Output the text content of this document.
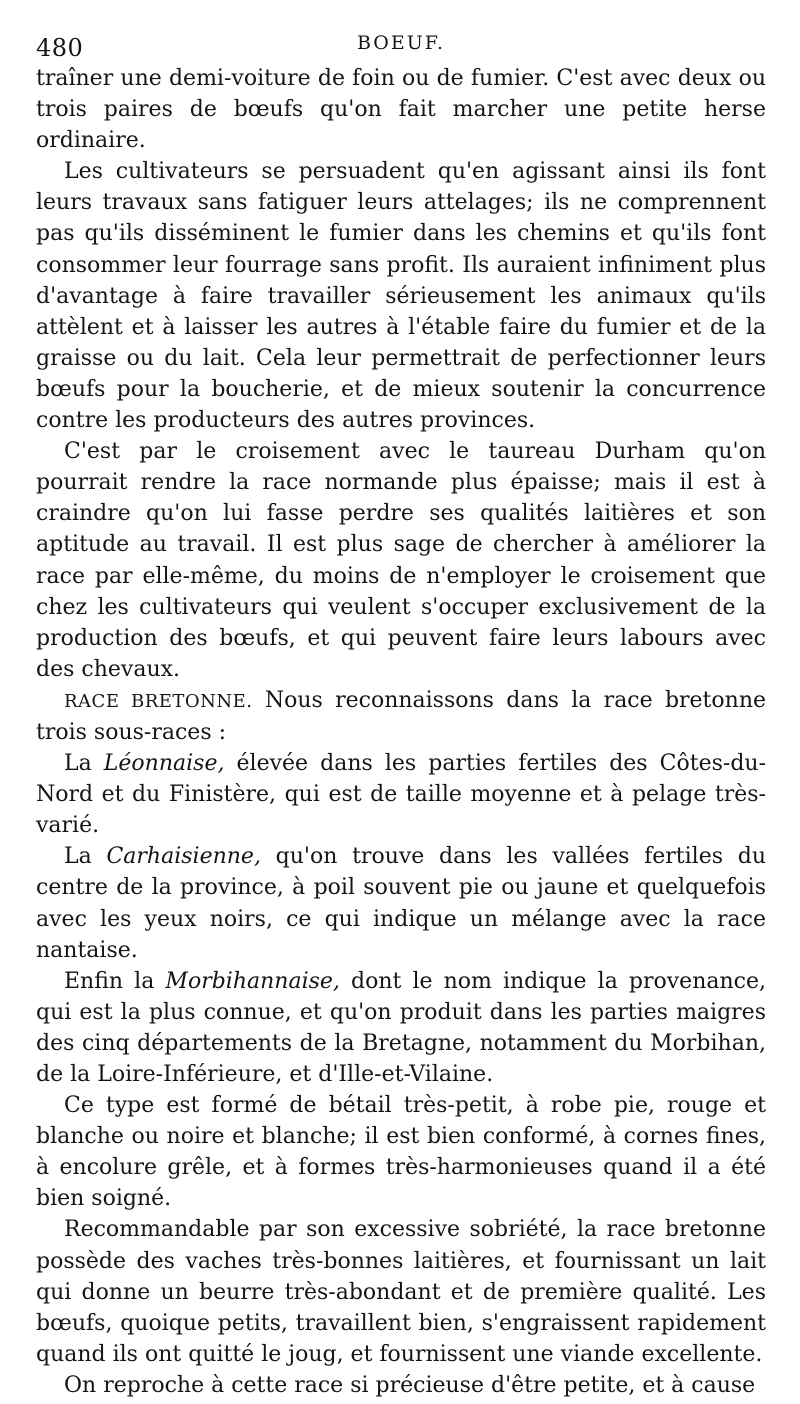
480	BOEUF.

traîner une demi-voiture de foin ou de fumier. C'est avec deux ou trois paires de bœufs qu'on fait marcher une petite herse ordinaire.

Les cultivateurs se persuadent qu'en agissant ainsi ils font leurs travaux sans fatiguer leurs attelages; ils ne comprennent pas qu'ils disséminent le fumier dans les chemins et qu'ils font consommer leur fourrage sans profit. Ils auraient infiniment plus d'avantage à faire travailler sérieusement les animaux qu'ils attèlent et à laisser les autres à l'étable faire du fumier et de la graisse ou du lait. Cela leur permettrait de perfectionner leurs bœufs pour la boucherie, et de mieux soutenir la concurrence contre les producteurs des autres provinces.

C'est par le croisement avec le taureau Durham qu'on pourrait rendre la race normande plus épaisse; mais il est à craindre qu'on lui fasse perdre ses qualités laitières et son aptitude au travail. Il est plus sage de chercher à améliorer la race par elle-même, du moins de n'employer le croisement que chez les cultivateurs qui veulent s'occuper exclusivement de la production des bœufs, et qui peuvent faire leurs labours avec des chevaux.

RACE BRETONNE. Nous reconnaissons dans la race bretonne trois sous-races :

La Léonnaise, élevée dans les parties fertiles des Côtes-du-Nord et du Finistère, qui est de taille moyenne et à pelage très-varié.

La Carhaisienne, qu'on trouve dans les vallées fertiles du centre de la province, à poil souvent pie ou jaune et quelquefois avec les yeux noirs, ce qui indique un mélange avec la race nantaise.

Enfin la Morbihannaise, dont le nom indique la provenance, qui est la plus connue, et qu'on produit dans les parties maigres des cinq départements de la Bretagne, notamment du Morbihan, de la Loire-Inférieure, et d'Ille-et-Vilaine.

Ce type est formé de bétail très-petit, à robe pie, rouge et blanche ou noire et blanche; il est bien conformé, à cornes fines, à encolure grêle, et à formes très-harmonieuses quand il a été bien soigné.

Recommandable par son excessive sobriété, la race bretonne possède des vaches très-bonnes laitières, et fournissant un lait qui donne un beurre très-abondant et de première qualité. Les bœufs, quoique petits, travaillent bien, s'engraissent rapidement quand ils ont quitté le joug, et fournissent une viande excellente.

On reproche à cette race si précieuse d'être petite, et à cause
